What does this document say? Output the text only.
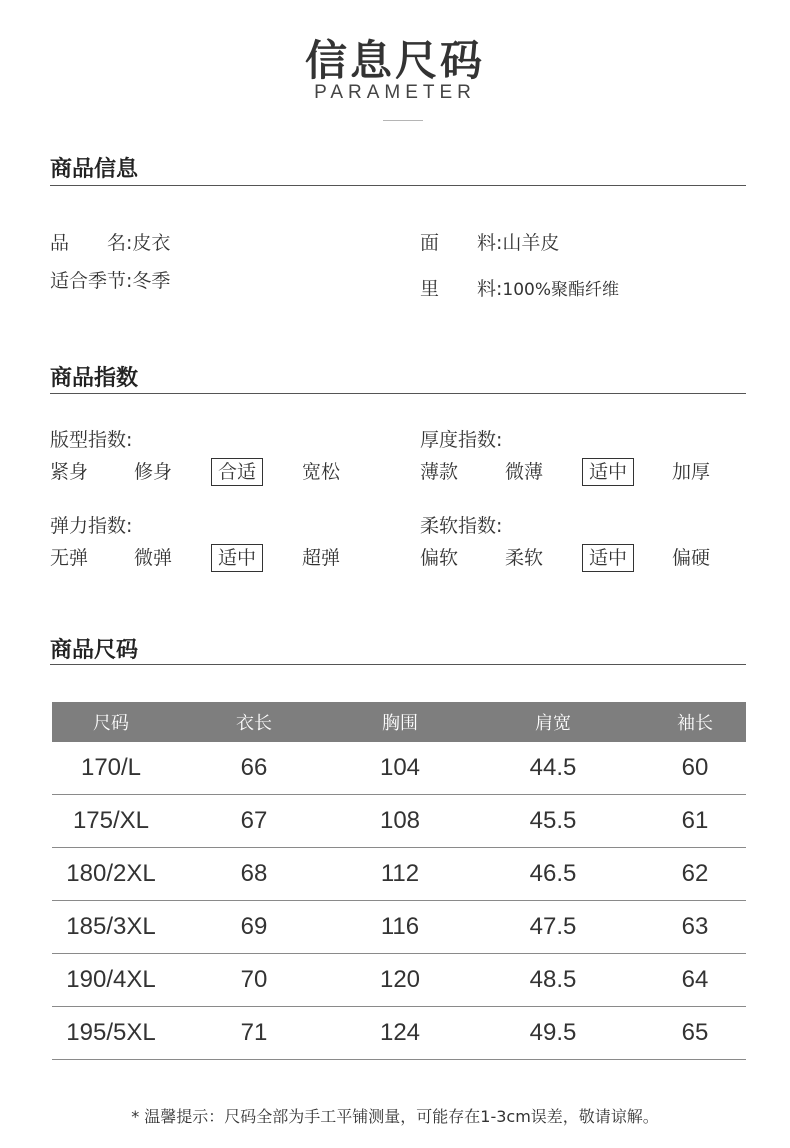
信息尺码
PARAMETER
商品信息
品　　名:皮衣
适合季节:冬季
面　　料:山羊皮
里　　料:100%聚酯纤维
商品指数
版型指数:
紧身 修身	合适	宽松
厚度指数:
薄款 微薄	适中	加厚
弹力指数:
无弹 微弹	适中	超弹
柔软指数:
偏软 柔软	适中	偏硬
商品尺码
尺码	衣长	胸围	肩宽	袖长
170/L	66	104	44.5	60
175/XL	67	108	45.5	61
180/2XL	68	112	46.5	62
185/3XL	69	116	47.5	63
190/4XL	70	120	48.5	64
195/5XL	71	124	49.5	65
* 温馨提示：尺码全部为手工平铺测量，可能存在1-3cm误差，敬请谅解。
